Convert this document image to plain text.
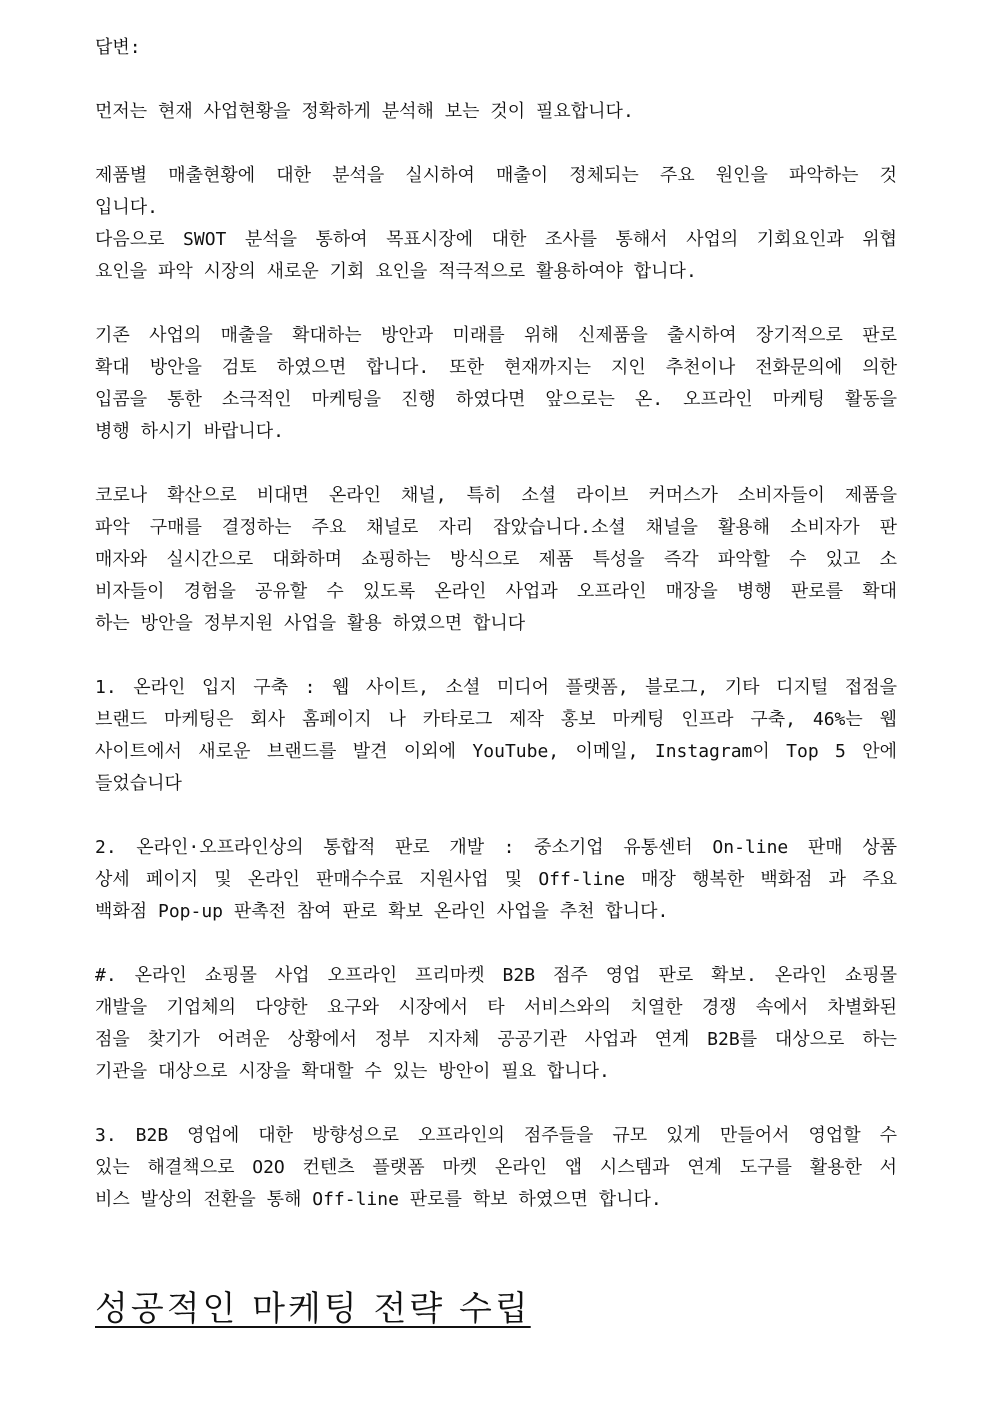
답변:
먼저는 현재 사업현황을 정확하게 분석해 보는 것이 필요합니다.
제품별 매출현황에 대한 분석을 실시하여 매출이 정체되는 주요 원인을 파악하는 것
입니다.
다음으로 SWOT 분석을 통하여 목표시장에 대한 조사를 통해서 사업의 기회요인과 위협
요인을 파악 시장의 새로운 기회 요인을 적극적으로 활용하여야 합니다.
기존 사업의 매출을 확대하는 방안과 미래를 위해 신제품을 출시하여 장기적으로 판로
확대 방안을 검토 하였으면 합니다. 또한 현재까지는 지인 추천이나 전화문의에 의한
입콤을 통한 소극적인 마케팅을 진행 하였다면 앞으로는 온. 오프라인 마케팅 활동을
병행 하시기 바랍니다.
코로나 확산으로 비대면 온라인 채널, 특히 소셜 라이브 커머스가 소비자들이 제품을
파악 구매를 결정하는 주요 채널로 자리 잡았습니다.소셜 채널을 활용해 소비자가 판
매자와 실시간으로 대화하며 쇼핑하는 방식으로 제품 특성을 즉각 파악할 수 있고 소
비자들이 경험을 공유할 수 있도록 온라인 사업과 오프라인 매장을 병행 판로를 확대
하는 방안을 정부지원 사업을 활용 하였으면 합니다
1. 온라인 입지 구축 : 웹 사이트, 소셜 미디어 플랫폼, 블로그, 기타 디지털 접점을
브랜드 마케팅은 회사 홈페이지 나 카타로그 제작 홍보 마케팅 인프라 구축, 46%는 웹
사이트에서 새로운 브랜드를 발견 이외에 YouTube, 이메일, Instagram이 Top 5 안에
들었습니다
2. 온라인·오프라인상의 통합적 판로 개발 : 중소기업 유통센터 On-line 판매 상품
상세 페이지 및 온라인 판매수수료 지원사업 및 Off-line 매장 행복한 백화점 과 주요
백화점 Pop-up 판촉전 참여 판로 확보 온라인 사업을 추천 합니다.
#. 온라인 쇼핑몰 사업 오프라인 프리마켓 B2B 점주 영업 판로 확보. 온라인 쇼핑몰
개발을 기업체의 다양한 요구와 시장에서 타 서비스와의 치열한 경쟁 속에서 차별화된
점을 찾기가 어려운 상황에서 정부 지자체 공공기관 사업과 연계 B2B를 대상으로 하는
기관을 대상으로 시장을 확대할 수 있는 방안이 필요 합니다.
3. B2B 영업에 대한 방향성으로 오프라인의 점주들을 규모 있게 만들어서 영업할 수
있는 해결책으로 O2O 컨텐츠 플랫폼 마켓 온라인 앱 시스템과 연계 도구를 활용한 서
비스 발상의 전환을 통해 Off-line 판로를 학보 하였으면 합니다.
성공적인 마케팅 전략 수립
